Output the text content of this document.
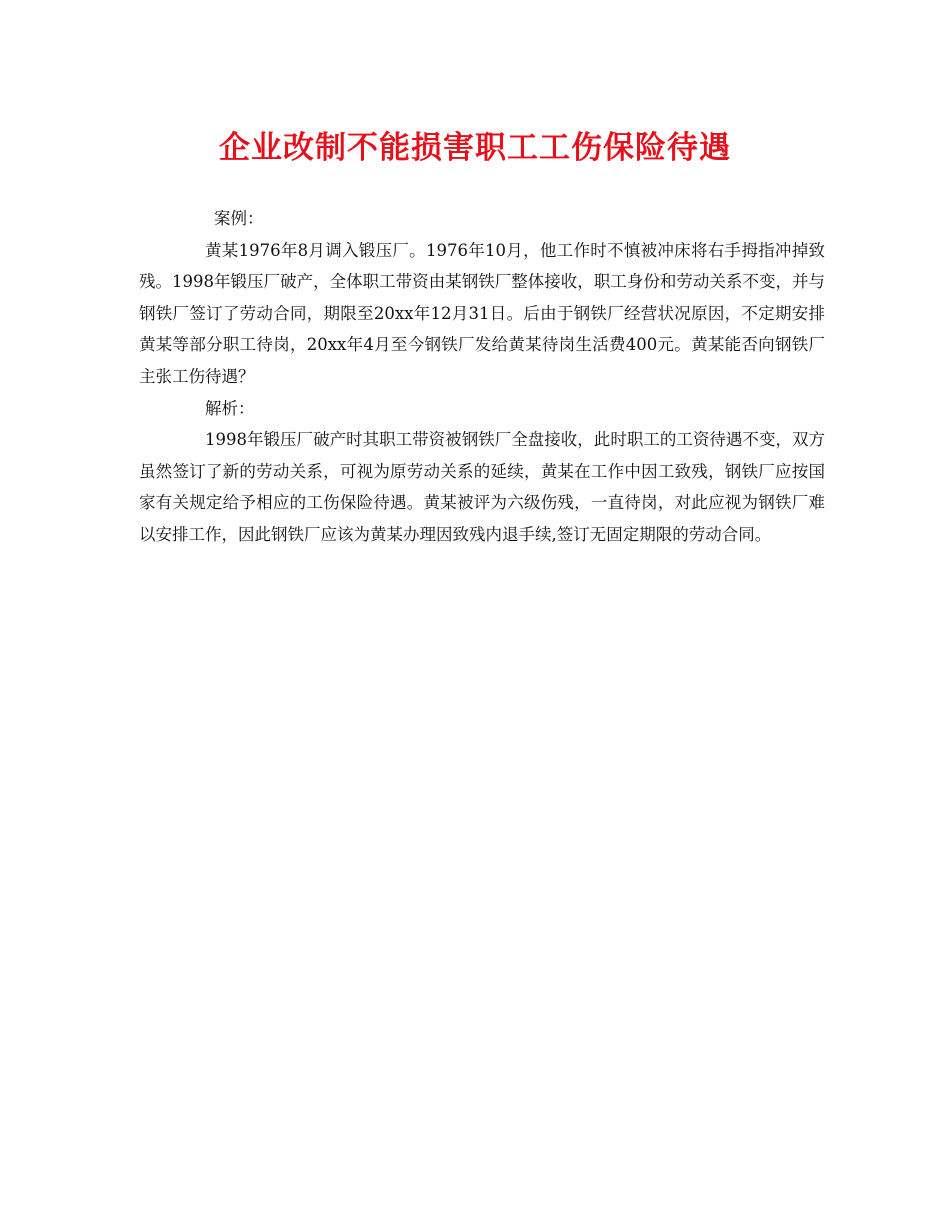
企业改制不能损害职工工伤保险待遇

案例：

黄某1976年8月调入锻压厂。1976年10月，他工作时不慎被冲床将右手拇指冲掉致残。1998年锻压厂破产，全体职工带资由某钢铁厂整体接收，职工身份和劳动关系不变，并与钢铁厂签订了劳动合同，期限至20xx年12月31日。后由于钢铁厂经营状况原因，不定期安排黄某等部分职工待岗，20xx年4月至今钢铁厂发给黄某待岗生活费400元。黄某能否向钢铁厂主张工伤待遇？

解析：

1998年锻压厂破产时其职工带资被钢铁厂全盘接收，此时职工的工资待遇不变，双方虽然签订了新的劳动关系，可视为原劳动关系的延续，黄某在工作中因工致残，钢铁厂应按国家有关规定给予相应的工伤保险待遇。黄某被评为六级伤残，一直待岗，对此应视为钢铁厂难以安排工作，因此钢铁厂应该为黄某办理因致残内退手续,签订无固定期限的劳动合同。
